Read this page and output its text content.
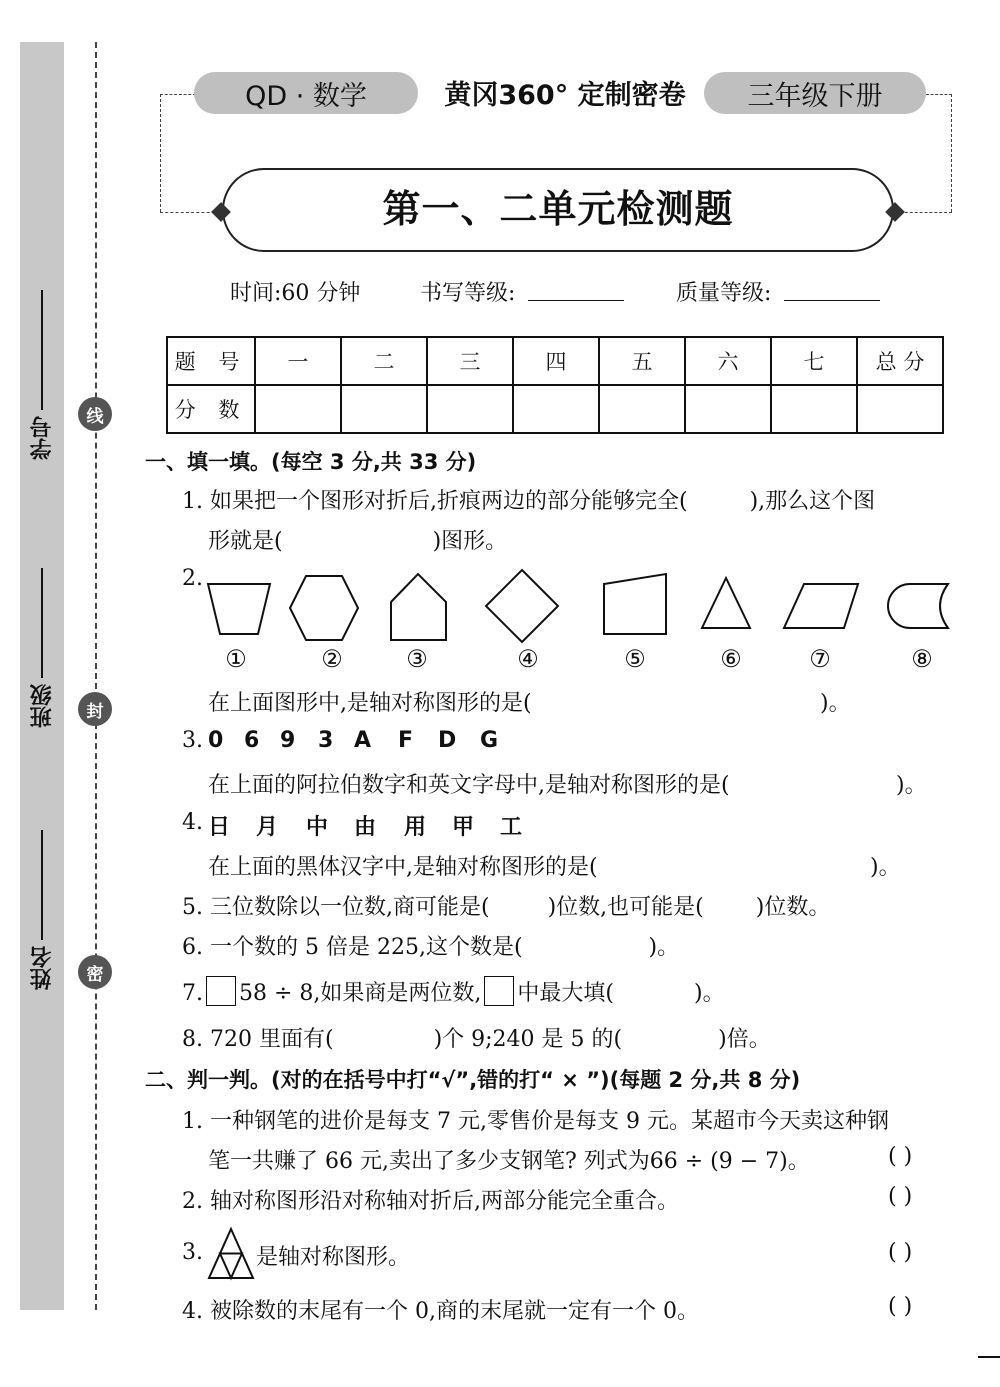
学号
班级
姓名
线
封
密
QD · 数学	黄冈360° 定制密卷	三年级下册
第一、二单元检测题
时间:60 分钟	书写等级:	质量等级:
题 号	一	二	三	四	五	六	七	总 分
分 数								
一、填一填。(每空 3 分,共 33 分)
1. 如果把一个图形对折后,折痕两边的部分能够完全(	),那么这个图
形就是(	)图形。
2.
①	②	③	④	⑤	⑥	⑦	⑧
在上面图形中,是轴对称图形的是(	)。
3. 0 6 9 3 A F D G
在上面的阿拉伯数字和英文字母中,是轴对称图形的是(	)。
4. 日 月 中 由 用 甲 工
在上面的黑体汉字中,是轴对称图形的是(	)。
5. 三位数除以一位数,商可能是(	)位数,也可能是( )位数。
6. 一个数的 5 倍是 225,这个数是(	)。
7. 58 ÷ 8,如果商是两位数, 中最大填(	)。
8. 720 里面有(	)个 9;240 是 5 的(	)倍。
二、判一判。(对的在括号中打“√”,错的打“ × ”)(每题 2 分,共 8 分)
1. 一种钢笔的进价是每支 7 元,零售价是每支 9 元。某超市今天卖这种钢
笔一共赚了 66 元,卖出了多少支钢笔? 列式为66 ÷ (9 − 7)。	( )
2. 轴对称图形沿对称轴对折后,两部分能完全重合。	( )
3. 是轴对称图形。	( )
4. 被除数的末尾有一个 0,商的末尾就一定有一个 0。	( )
